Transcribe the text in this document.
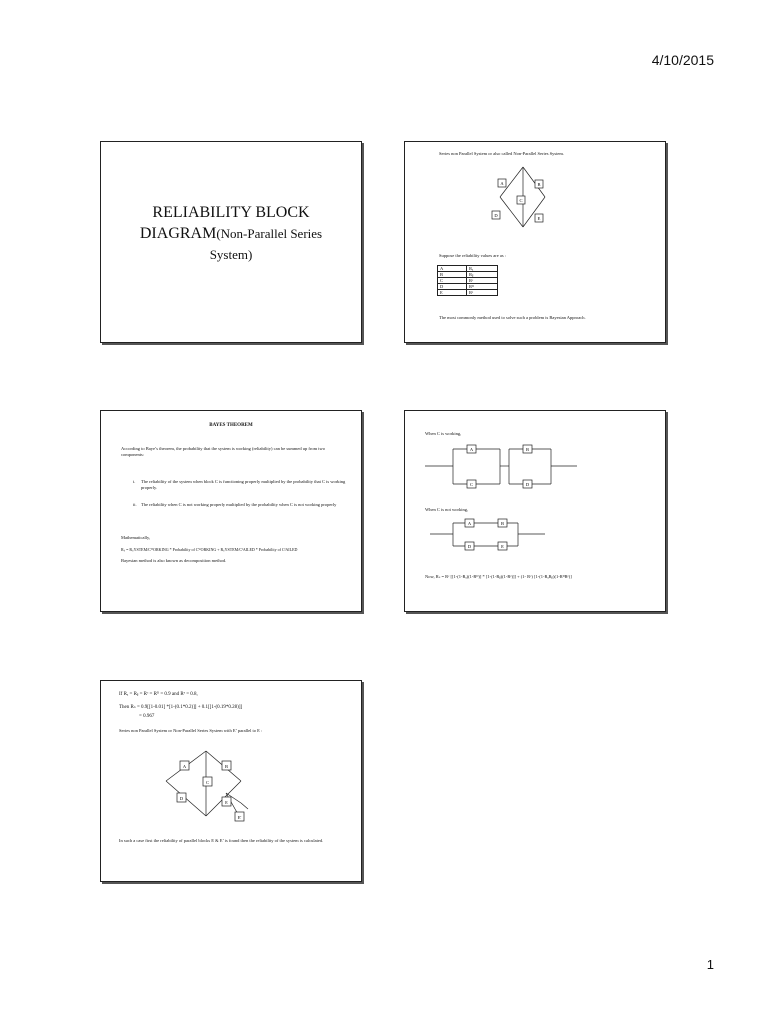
4/10/2015
RELIABILITY BLOCK
DIAGRAM(Non-Parallel Series
System)
Series non Parallel System or also called Non-Parallel Series System.
A	B
C
D
E
Suppose the reliability values are as :
A	Rₐ
B	Rᵦ
C	Rᶜ
D	Rᴰ
E	Rᵉ
The most commonly method used to solve such a problem is Bayesian Approach.
BAYES THEOREM
According to Baye’s theorem, the probability that the system is working (reliability) can be summed up from two components:
i. The reliability of the system when block C is functioning properly multiplied by the probability that C is working properly.
ii. The reliability when C is not working properly multiplied by the probability when C is not working properly
Mathematically,
Rₛ = RₛYSTEM/CᵂORKING * Probability of CᵂORKING + RₛYSTEM/CᶠAILED * Probability of CᶠAILED
Bayesian method is also known as decomposition method.
When C is working,
A
C
B
D
A	B
D	E
When C is not working,
Now, Rₛ = Rᶜ [[1-(1-Rₐ)(1-Rᴰ)] * [1-(1-Rᵦ)(1-Rᵉ)]] + (1- Rᶜ) [1-(1-RₐRᵦ)(1-RᴰRᵉ)]
If Rₐ = Rᵦ = Rᶜ = Rᴰ = 0.9 and Rᵉ = 0.8,
Then Rₛ = 0.9[[1-0.01] *[1-(0.1*0.2)]] + 0.1[[1-(0.19*0.28)]]
= 0.967
Series non Parallel System or Non-Parallel Series System with E’ parallel to E :
A	B
C
D
E
E'
In such a case first the reliability of parallel blocks E & E’ is found then the reliability of the system is calculated.
1
